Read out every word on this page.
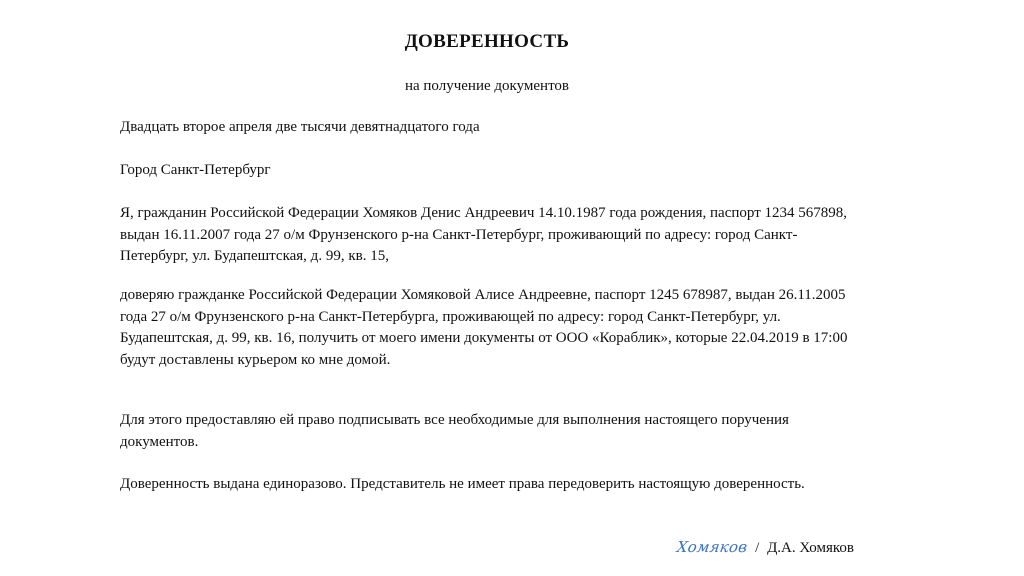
ДОВЕРЕННОСТЬ
на получение документов

Двадцать второе апреля две тысячи девятнадцатого года

Город Санкт-Петербург

Я, гражданин Российской Федерации Хомяков Денис Андреевич 14.10.1987 года рождения, паспорт 1234 567898, выдан 16.11.2007 года 27 о/м Фрунзенского р-на Санкт-Петербург, проживающий по адресу: город Санкт-Петербург, ул. Будапештская, д. 99, кв. 15,

доверяю гражданке Российской Федерации Хомяковой Алисе Андреевне, паспорт 1245 678987, выдан 26.11.2005 года 27 о/м Фрунзенского р-на Санкт-Петербурга, проживающей по адресу: город Санкт-Петербург, ул. Будапештская, д. 99, кв. 16, получить от моего имени документы от ООО «Кораблик», которые 22.04.2019 в 17:00 будут доставлены курьером ко мне домой.

Для этого предоставляю ей право подписывать все необходимые для выполнения настоящего поручения документов.

Доверенность выдана единоразово. Представитель не имеет права передоверить настоящую доверенность.

Хомяков / Д.А. Хомяков
